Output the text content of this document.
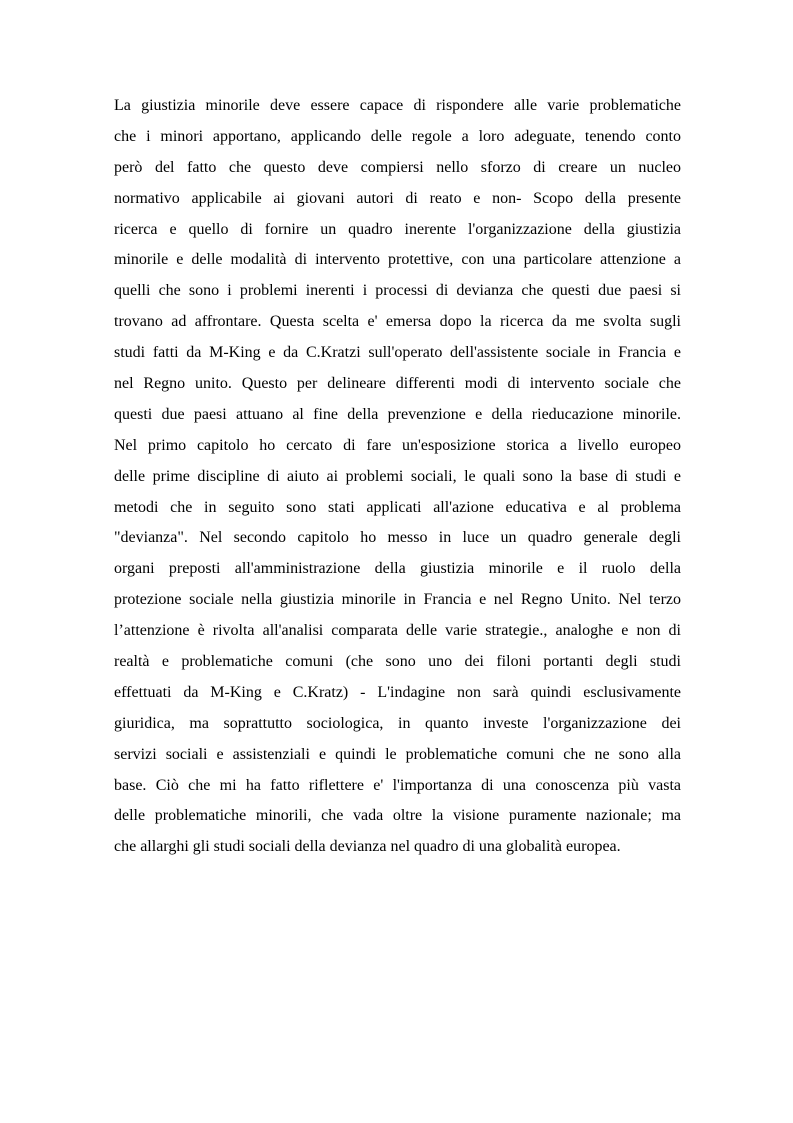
La giustizia minorile deve essere capace di rispondere alle varie problematiche
che i minori apportano, applicando delle regole a loro adeguate, tenendo conto
però del fatto che questo deve compiersi nello sforzo di creare un nucleo
normativo applicabile ai giovani autori di reato e non- Scopo della presente
ricerca e quello di fornire un quadro inerente l'organizzazione della giustizia
minorile e delle modalità di intervento protettive, con una particolare attenzione a
quelli che sono i problemi inerenti i processi di devianza che questi due paesi si
trovano ad affrontare. Questa scelta e' emersa dopo la ricerca da me svolta sugli
studi fatti da M-King e da C.Kratzi sull'operato dell'assistente sociale in Francia e
nel Regno unito. Questo per delineare differenti modi di intervento sociale che
questi due paesi attuano al fine della prevenzione e della rieducazione minorile.
Nel primo capitolo ho cercato di fare un'esposizione storica a livello europeo
delle prime discipline di aiuto ai problemi sociali, le quali sono la base di studi e
metodi che in seguito sono stati applicati all'azione educativa e al problema
"devianza". Nel secondo capitolo ho messo in luce un quadro generale degli
organi preposti all'amministrazione della giustizia minorile e il ruolo della
protezione sociale nella giustizia minorile in Francia e nel Regno Unito. Nel terzo
l’attenzione è rivolta all'analisi comparata delle varie strategie., analoghe e non di
realtà e problematiche comuni (che sono uno dei filoni portanti degli studi
effettuati da M-King e C.Kratz) - L'indagine non sarà quindi esclusivamente
giuridica, ma soprattutto sociologica, in quanto investe l'organizzazione dei
servizi sociali e assistenziali e quindi le problematiche comuni che ne sono alla
base. Ciò che mi ha fatto riflettere e' l'importanza di una conoscenza più vasta
delle problematiche minorili, che vada oltre la visione puramente nazionale; ma
che allarghi gli studi sociali della devianza nel quadro di una globalità europea.
